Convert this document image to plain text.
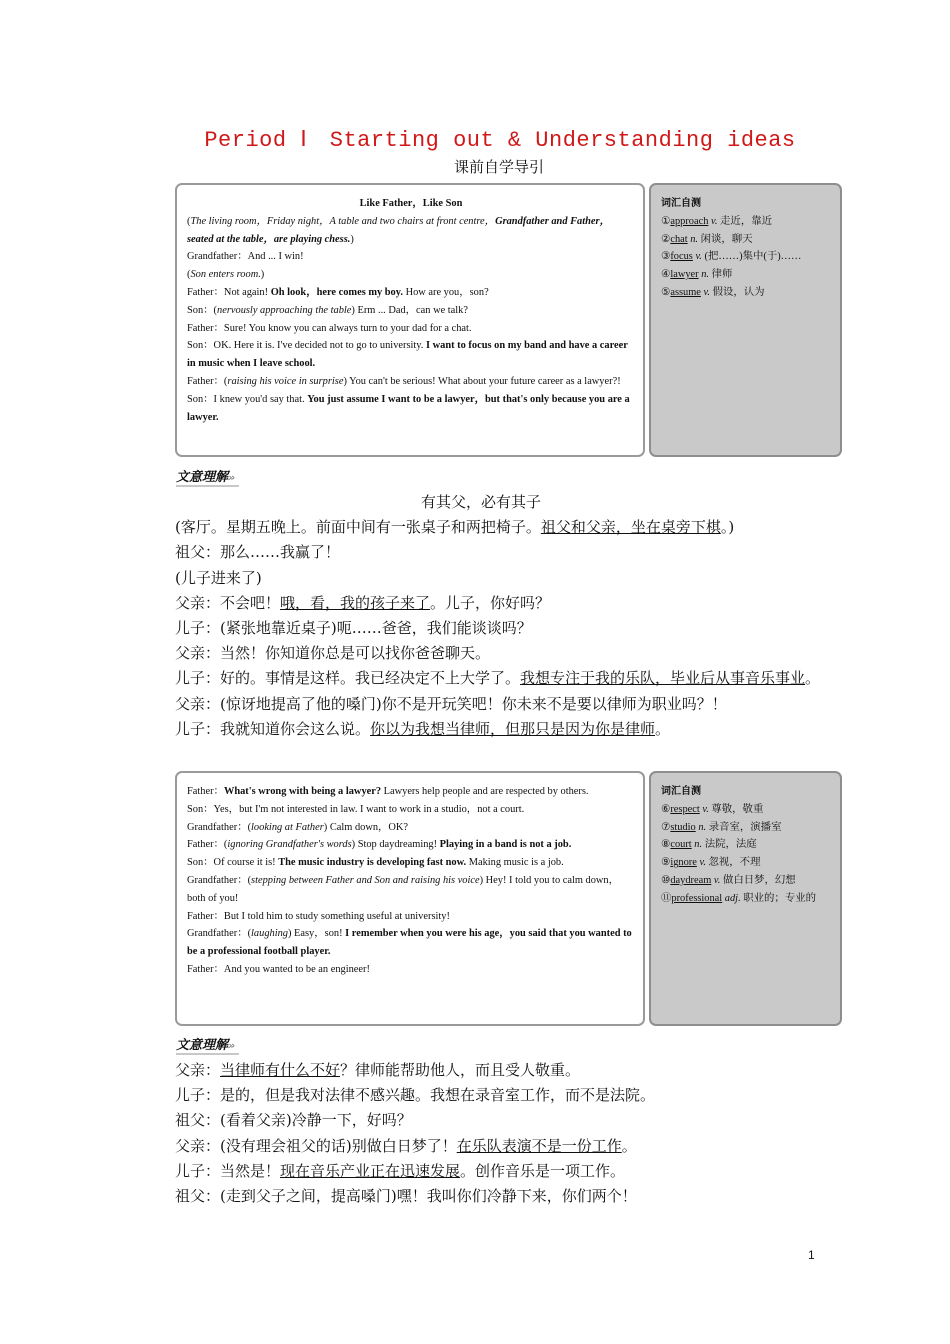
Period Ⅰ　Starting out & Understanding ideas
课前自学导引

Like Father，Like Son

(The living room，Friday night，A table and two chairs at front centre，Grandfather and Father，seated at the table，are playing chess.)

Grandfather：And ... I win!

(Son enters room.)

Father：Not again! Oh look，here comes my boy. How are you，son?

Son：(nervously approaching the table) Erm ... Dad，can we talk?

Father：Sure! You know you can always turn to your dad for a chat.

Son：OK. Here it is. I've decided not to go to university. I want to focus on my band and have a career in music when I leave school.

Father：(raising his voice in surprise) You can't be serious! What about your future career as a lawyer?!

Son：I knew you'd say that. You just assume I want to be a lawyer，but that's only because you are a lawyer.

词汇自测
①approach v. 走近，靠近
②chat n. 闲谈，聊天
③focus v. (把……)集中(于)……
④lawyer n. 律师
⑤assume v. 假设，认为
文意理解»

有其父，必有其子

(客厅。星期五晚上。前面中间有一张桌子和两把椅子。祖父和父亲，坐在桌旁下棋。)

祖父：那么……我赢了！

(儿子进来了)

父亲：不会吧！哦，看，我的孩子来了。儿子，你好吗？

儿子：(紧张地靠近桌子)呃……爸爸，我们能谈谈吗？

父亲：当然！你知道你总是可以找你爸爸聊天。

儿子：好的。事情是这样。我已经决定不上大学了。我想专注于我的乐队，毕业后从事音乐事业。

父亲：(惊讶地提高了他的嗓门)你不是开玩笑吧！你未来不是要以律师为职业吗？！

儿子：我就知道你会这么说。你以为我想当律师，但那只是因为你是律师。

Father：What's wrong with being a lawyer? Lawyers help people and are respected by others.

Son：Yes，but I'm not interested in law. I want to work in a studio，not a court.

Grandfather：(looking at Father) Calm down，OK?

Father：(ignoring Grandfather's words) Stop daydreaming! Playing in a band is not a job.

Son：Of course it is! The music industry is developing fast now. Making music is a job.

Grandfather：(stepping between Father and Son and raising his voice) Hey! I told you to calm down，both of you!

Father：But I told him to study something useful at university!

Grandfather：(laughing) Easy，son! I remember when you were his age，you said that you wanted to be a professional football player.

Father：And you wanted to be an engineer!

词汇自测
⑥respect v. 尊敬，敬重
⑦studio n. 录音室，演播室
⑧court n. 法院，法庭
⑨ignore v. 忽视，不理
⑩daydream v. 做白日梦，幻想
⑪professional adj. 职业的；专业的
文意理解»

父亲：当律师有什么不好？律师能帮助他人，而且受人敬重。

儿子：是的，但是我对法律不感兴趣。我想在录音室工作，而不是法院。

祖父：(看着父亲)冷静一下，好吗？

父亲：(没有理会祖父的话)别做白日梦了！在乐队表演不是一份工作。

儿子：当然是！现在音乐产业正在迅速发展。创作音乐是一项工作。

祖父：(走到父子之间，提高嗓门)嘿！我叫你们冷静下来，你们两个！

1
